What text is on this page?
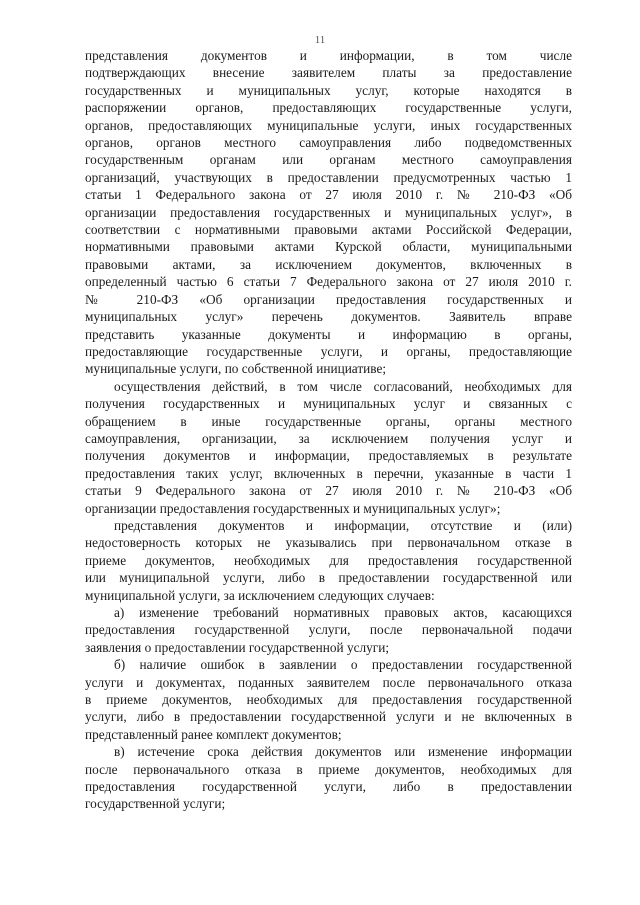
11
представления документов и информации, в том числе
подтверждающих внесение заявителем платы за предоставление
государственных и муниципальных услуг, которые находятся в
распоряжении органов, предоставляющих государственные услуги,
органов, предоставляющих муниципальные услуги, иных государственных
органов, органов местного самоуправления либо подведомственных
государственным органам или органам местного самоуправления
организаций, участвующих в предоставлении предусмотренных частью 1
статьи 1 Федерального закона от 27 июля 2010 г. № 210-ФЗ «Об
организации предоставления государственных и муниципальных услуг», в
соответствии с нормативными правовыми актами Российской Федерации,
нормативными правовыми актами Курской области, муниципальными
правовыми актами, за исключением документов, включенных в
определенный частью 6 статьи 7 Федерального закона от 27 июля 2010 г.
№ 210-ФЗ «Об организации предоставления государственных и
муниципальных услуг» перечень документов. Заявитель вправе
представить указанные документы и информацию в органы,
предоставляющие государственные услуги, и органы, предоставляющие
муниципальные услуги, по собственной инициативе;
осуществления действий, в том числе согласований, необходимых для
получения государственных и муниципальных услуг и связанных с
обращением в иные государственные органы, органы местного
самоуправления, организации, за исключением получения услуг и
получения документов и информации, предоставляемых в результате
предоставления таких услуг, включенных в перечни, указанные в части 1
статьи 9 Федерального закона от 27 июля 2010 г. № 210-ФЗ «Об
организации предоставления государственных и муниципальных услуг»;
представления документов и информации, отсутствие и (или)
недостоверность которых не указывались при первоначальном отказе в
приеме документов, необходимых для предоставления государственной
или муниципальной услуги, либо в предоставлении государственной или
муниципальной услуги, за исключением следующих случаев:
а) изменение требований нормативных правовых актов, касающихся
предоставления государственной услуги, после первоначальной подачи
заявления о предоставлении государственной услуги;
б) наличие ошибок в заявлении о предоставлении государственной
услуги и документах, поданных заявителем после первоначального отказа
в приеме документов, необходимых для предоставления государственной
услуги, либо в предоставлении государственной услуги и не включенных в
представленный ранее комплект документов;
в) истечение срока действия документов или изменение информации
после первоначального отказа в приеме документов, необходимых для
предоставления государственной услуги, либо в предоставлении
государственной услуги;
